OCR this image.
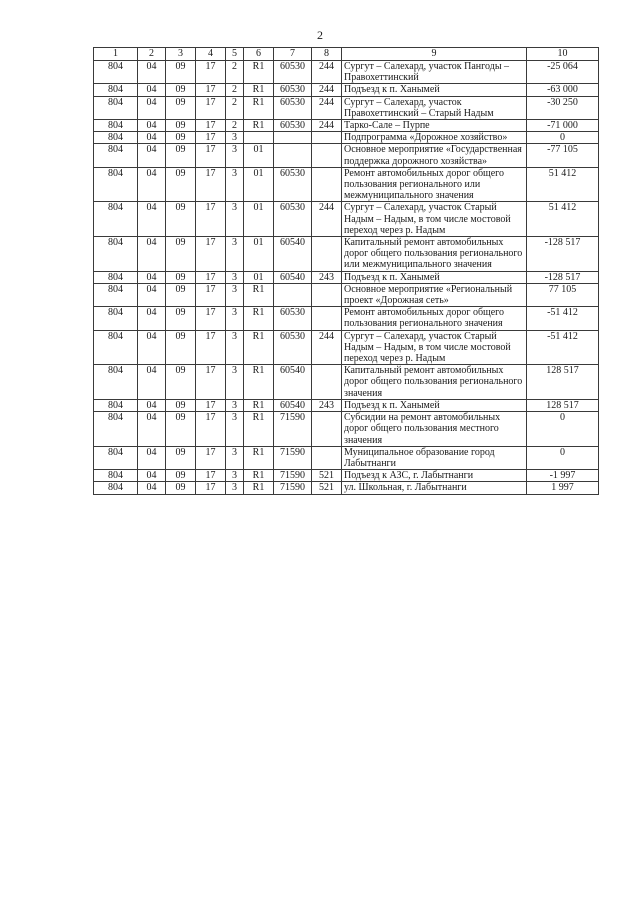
2
1	2	3	4	5	6	7	8	9	10
804	04	09	17	2	R1	60530	244	Сургут – Салехард, участок Пангоды – Правохеттинский	-25 064
804	04	09	17	2	R1	60530	244	Подъезд к п. Ханымей	-63 000
804	04	09	17	2	R1	60530	244	Сургут – Салехард, участок Правохеттинский – Старый Надым	-30 250
804	04	09	17	2	R1	60530	244	Тарко-Сале – Пурпе	-71 000
804	04	09	17	3				Подпрограмма «Дорожное хозяйство»	0
804	04	09	17	3	01			Основное мероприятие «Государственная поддержка дорожного хозяйства»	-77 105
804	04	09	17	3	01	60530		Ремонт автомобильных дорог общего пользования регионального или межмуниципального значения	51 412
804	04	09	17	3	01	60530	244	Сургут – Салехард, участок Старый Надым – Надым, в том числе мостовой переход через р. Надым	51 412
804	04	09	17	3	01	60540		Капитальный ремонт автомобильных дорог общего пользования регионального или межмуниципального значения	-128 517
804	04	09	17	3	01	60540	243	Подъезд к п. Ханымей	-128 517
804	04	09	17	3	R1			Основное мероприятие «Региональный проект «Дорожная сеть»	77 105
804	04	09	17	3	R1	60530		Ремонт автомобильных дорог общего пользования регионального значения	-51 412
804	04	09	17	3	R1	60530	244	Сургут – Салехард, участок Старый Надым – Надым, в том числе мостовой переход через р. Надым	-51 412
804	04	09	17	3	R1	60540		Капитальный ремонт автомобильных дорог общего пользования регионального значения	128 517
804	04	09	17	3	R1	60540	243	Подъезд к п. Ханымей	128 517
804	04	09	17	3	R1	71590		Субсидии на ремонт автомобильных дорог общего пользования местного значения	0
804	04	09	17	3	R1	71590		Муниципальное образование город Лабытнанги	0
804	04	09	17	3	R1	71590	521	Подъезд к АЗС, г. Лабытнанги	-1 997
804	04	09	17	3	R1	71590	521	ул. Школьная, г. Лабытнанги	1 997
